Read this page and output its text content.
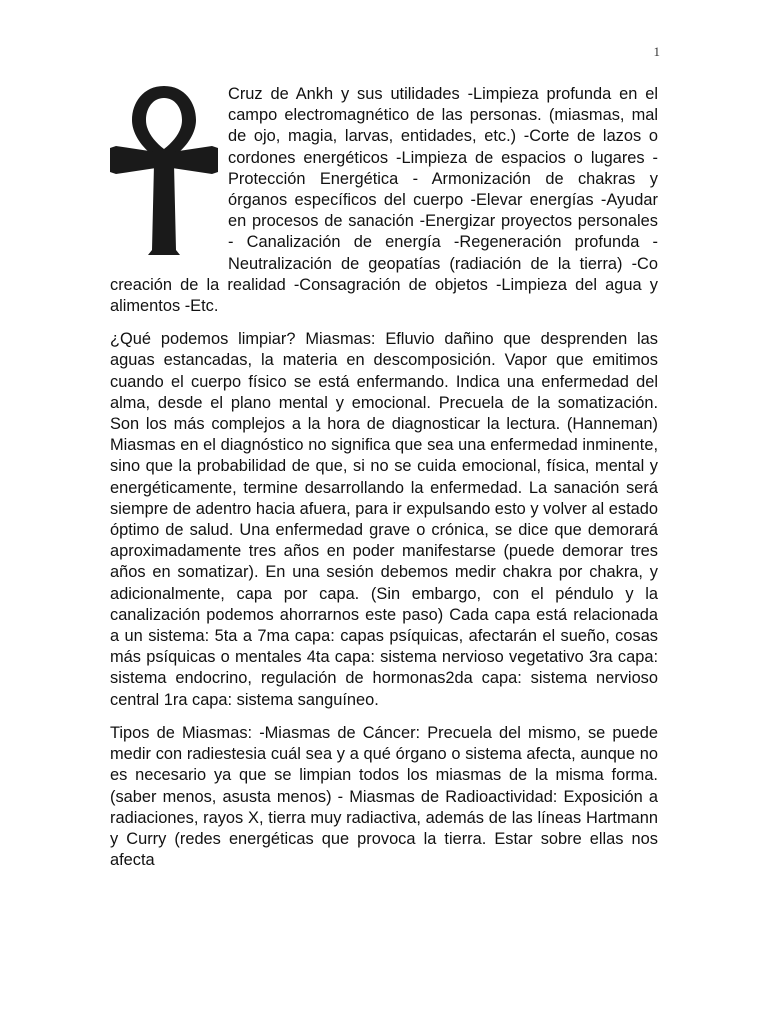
1

Cruz de Ankh y sus utilidades -Limpieza profunda en el campo electromagnético de las personas. (miasmas, mal de ojo, magia, larvas, entidades, etc.) -Corte de lazos o cordones energéticos -Limpieza de espacios o lugares -Protección Energética - Armonización de chakras y órganos específicos del cuerpo -Elevar energías -Ayudar en procesos de sanación -Energizar proyectos personales - Canalización de energía -Regeneración profunda - Neutralización de geopatías (radiación de la tierra) -Co creación de la realidad -Consagración de objetos -Limpieza del agua y alimentos -Etc.

¿Qué podemos limpiar? Miasmas: Efluvio dañino que desprenden las aguas estancadas, la materia en descomposición. Vapor que emitimos cuando el cuerpo físico se está enfermando. Indica una enfermedad del alma, desde el plano mental y emocional. Precuela de la somatización. Son los más complejos a la hora de diagnosticar la lectura. (Hanneman) Miasmas en el diagnóstico no significa que sea una enfermedad inminente, sino que la probabilidad de que, si no se cuida emocional, física, mental y energéticamente, termine desarrollando la enfermedad. La sanación será siempre de adentro hacia afuera, para ir expulsando esto y volver al estado óptimo de salud. Una enfermedad grave o crónica, se dice que demorará aproximadamente tres años en poder manifestarse (puede demorar tres años en somatizar). En una sesión debemos medir chakra por chakra, y adicionalmente, capa por capa. (Sin embargo, con el péndulo y la canalización podemos ahorrarnos este paso) Cada capa está relacionada a un sistema: 5ta a 7ma capa: capas psíquicas, afectarán el sueño, cosas más psíquicas o mentales 4ta capa: sistema nervioso vegetativo 3ra capa: sistema endocrino, regulación de hormonas2da capa: sistema nervioso central 1ra capa: sistema sanguíneo.

Tipos de Miasmas: -Miasmas de Cáncer: Precuela del mismo, se puede medir con radiestesia cuál sea y a qué órgano o sistema afecta, aunque no es necesario ya que se limpian todos los miasmas de la misma forma. (saber menos, asusta menos) - Miasmas de Radioactividad: Exposición a radiaciones, rayos X, tierra muy radiactiva, además de las líneas Hartmann y Curry (redes energéticas que provoca la tierra. Estar sobre ellas nos afecta
